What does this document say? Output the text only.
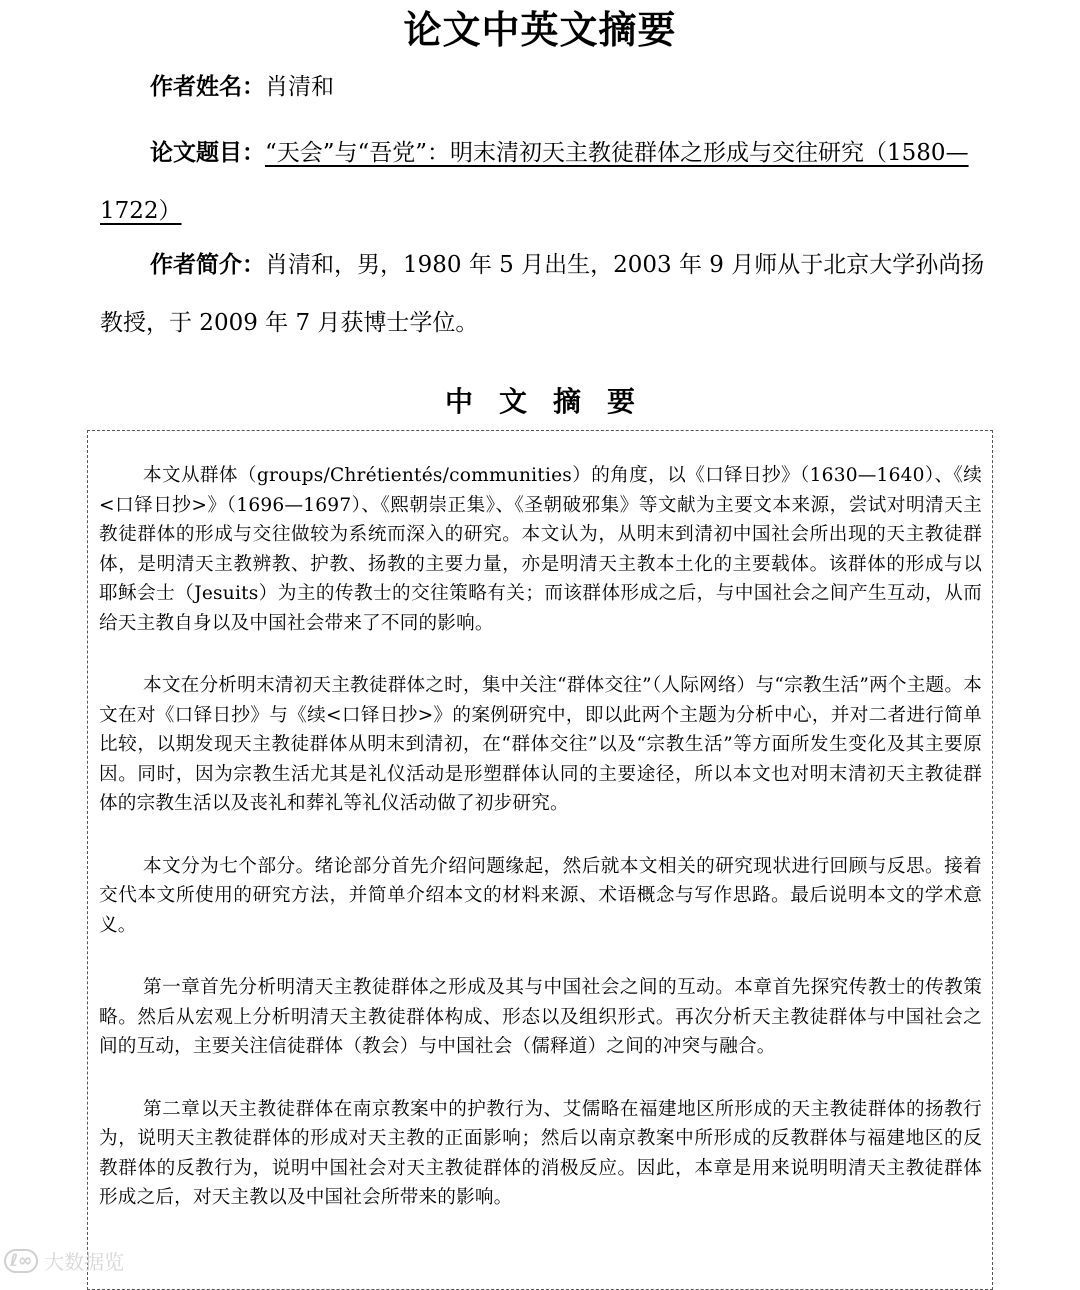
论文中英文摘要
作者姓名：肖清和
论文题目：“天会”与“吾党”：明末清初天主教徒群体之形成与交往研究（1580—1722）
作者简介：肖清和，男，1980 年 5 月出生，2003 年 9 月师从于北京大学孙尚扬教授，于 2009 年 7 月获博士学位。
中文摘要

本文从群体（groups/Chrétientés/communities）的角度，以《口铎日抄》（1630—1640）、《续<口铎日抄>》（1696—1697）、《熙朝崇正集》、《圣朝破邪集》等文献为主要文本来源，尝试对明清天主教徒群体的形成与交往做较为系统而深入的研究。本文认为，从明末到清初中国社会所出现的天主教徒群体，是明清天主教辨教、护教、扬教的主要力量，亦是明清天主教本土化的主要载体。该群体的形成与以耶稣会士（Jesuits）为主的传教士的交往策略有关；而该群体形成之后，与中国社会之间产生互动，从而给天主教自身以及中国社会带来了不同的影响。

本文在分析明末清初天主教徒群体之时，集中关注“群体交往”（人际网络）与“宗教生活”两个主题。本文在对《口铎日抄》与《续<口铎日抄>》的案例研究中，即以此两个主题为分析中心，并对二者进行简单比较，以期发现天主教徒群体从明末到清初，在“群体交往”以及“宗教生活”等方面所发生变化及其主要原因。同时，因为宗教生活尤其是礼仪活动是形塑群体认同的主要途径，所以本文也对明末清初天主教徒群体的宗教生活以及丧礼和葬礼等礼仪活动做了初步研究。

本文分为七个部分。绪论部分首先介绍问题缘起，然后就本文相关的研究现状进行回顾与反思。接着交代本文所使用的研究方法，并简单介绍本文的材料来源、术语概念与写作思路。最后说明本文的学术意义。

第一章首先分析明清天主教徒群体之形成及其与中国社会之间的互动。本章首先探究传教士的传教策略。然后从宏观上分析明清天主教徒群体构成、形态以及组织形式。再次分析天主教徒群体与中国社会之间的互动，主要关注信徒群体（教会）与中国社会（儒释道）之间的冲突与融合。

第二章以天主教徒群体在南京教案中的护教行为、艾儒略在福建地区所形成的天主教徒群体的扬教行为，说明天主教徒群体的形成对天主教的正面影响；然后以南京教案中所形成的反教群体与福建地区的反教群体的反教行为，说明中国社会对天主教徒群体的消极反应。因此，本章是用来说明明清天主教徒群体形成之后，对天主教以及中国社会所带来的影响。

ℓ∞ 大数据览
